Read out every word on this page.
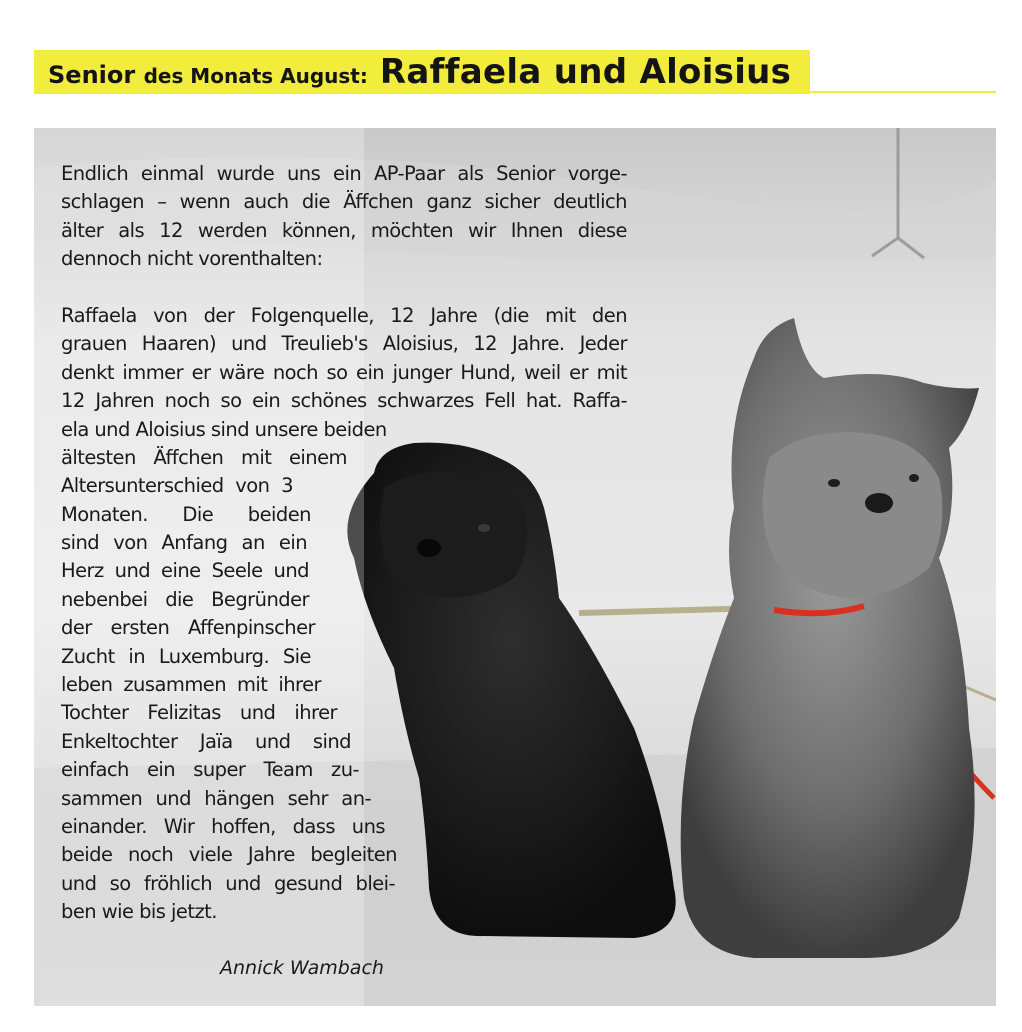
Senior des Monats August: Raffaela und Aloisius
Endlich einmal wurde uns ein AP-Paar als Senior vorge-
schlagen – wenn auch die Äffchen ganz sicher deutlich
älter als 12 werden können, möchten wir Ihnen diese
dennoch nicht vorenthalten:
Raffaela von der Folgenquelle, 12 Jahre (die mit den
grauen Haaren) und Treulieb's Aloisius, 12 Jahre. Jeder
denkt immer er wäre noch so ein junger Hund, weil er mit
12 Jahren noch so ein schönes schwarzes Fell hat. Raffa-
ela und Aloisius sind unsere beiden
ältesten Äffchen mit einem
Altersunterschied von 3
Monaten. Die beiden
sind von Anfang an ein
Herz und eine Seele und
nebenbei die Begründer
der ersten Affenpinscher
Zucht in Luxemburg. Sie
leben zusammen mit ihrer
Tochter Felizitas und ihrer
Enkeltochter Jaïa und sind
einfach ein super Team zu-
sammen und hängen sehr an-
einander. Wir hoffen, dass uns
beide noch viele Jahre begleiten
und so fröhlich und gesund blei-
ben wie bis jetzt.
Annick Wambach
